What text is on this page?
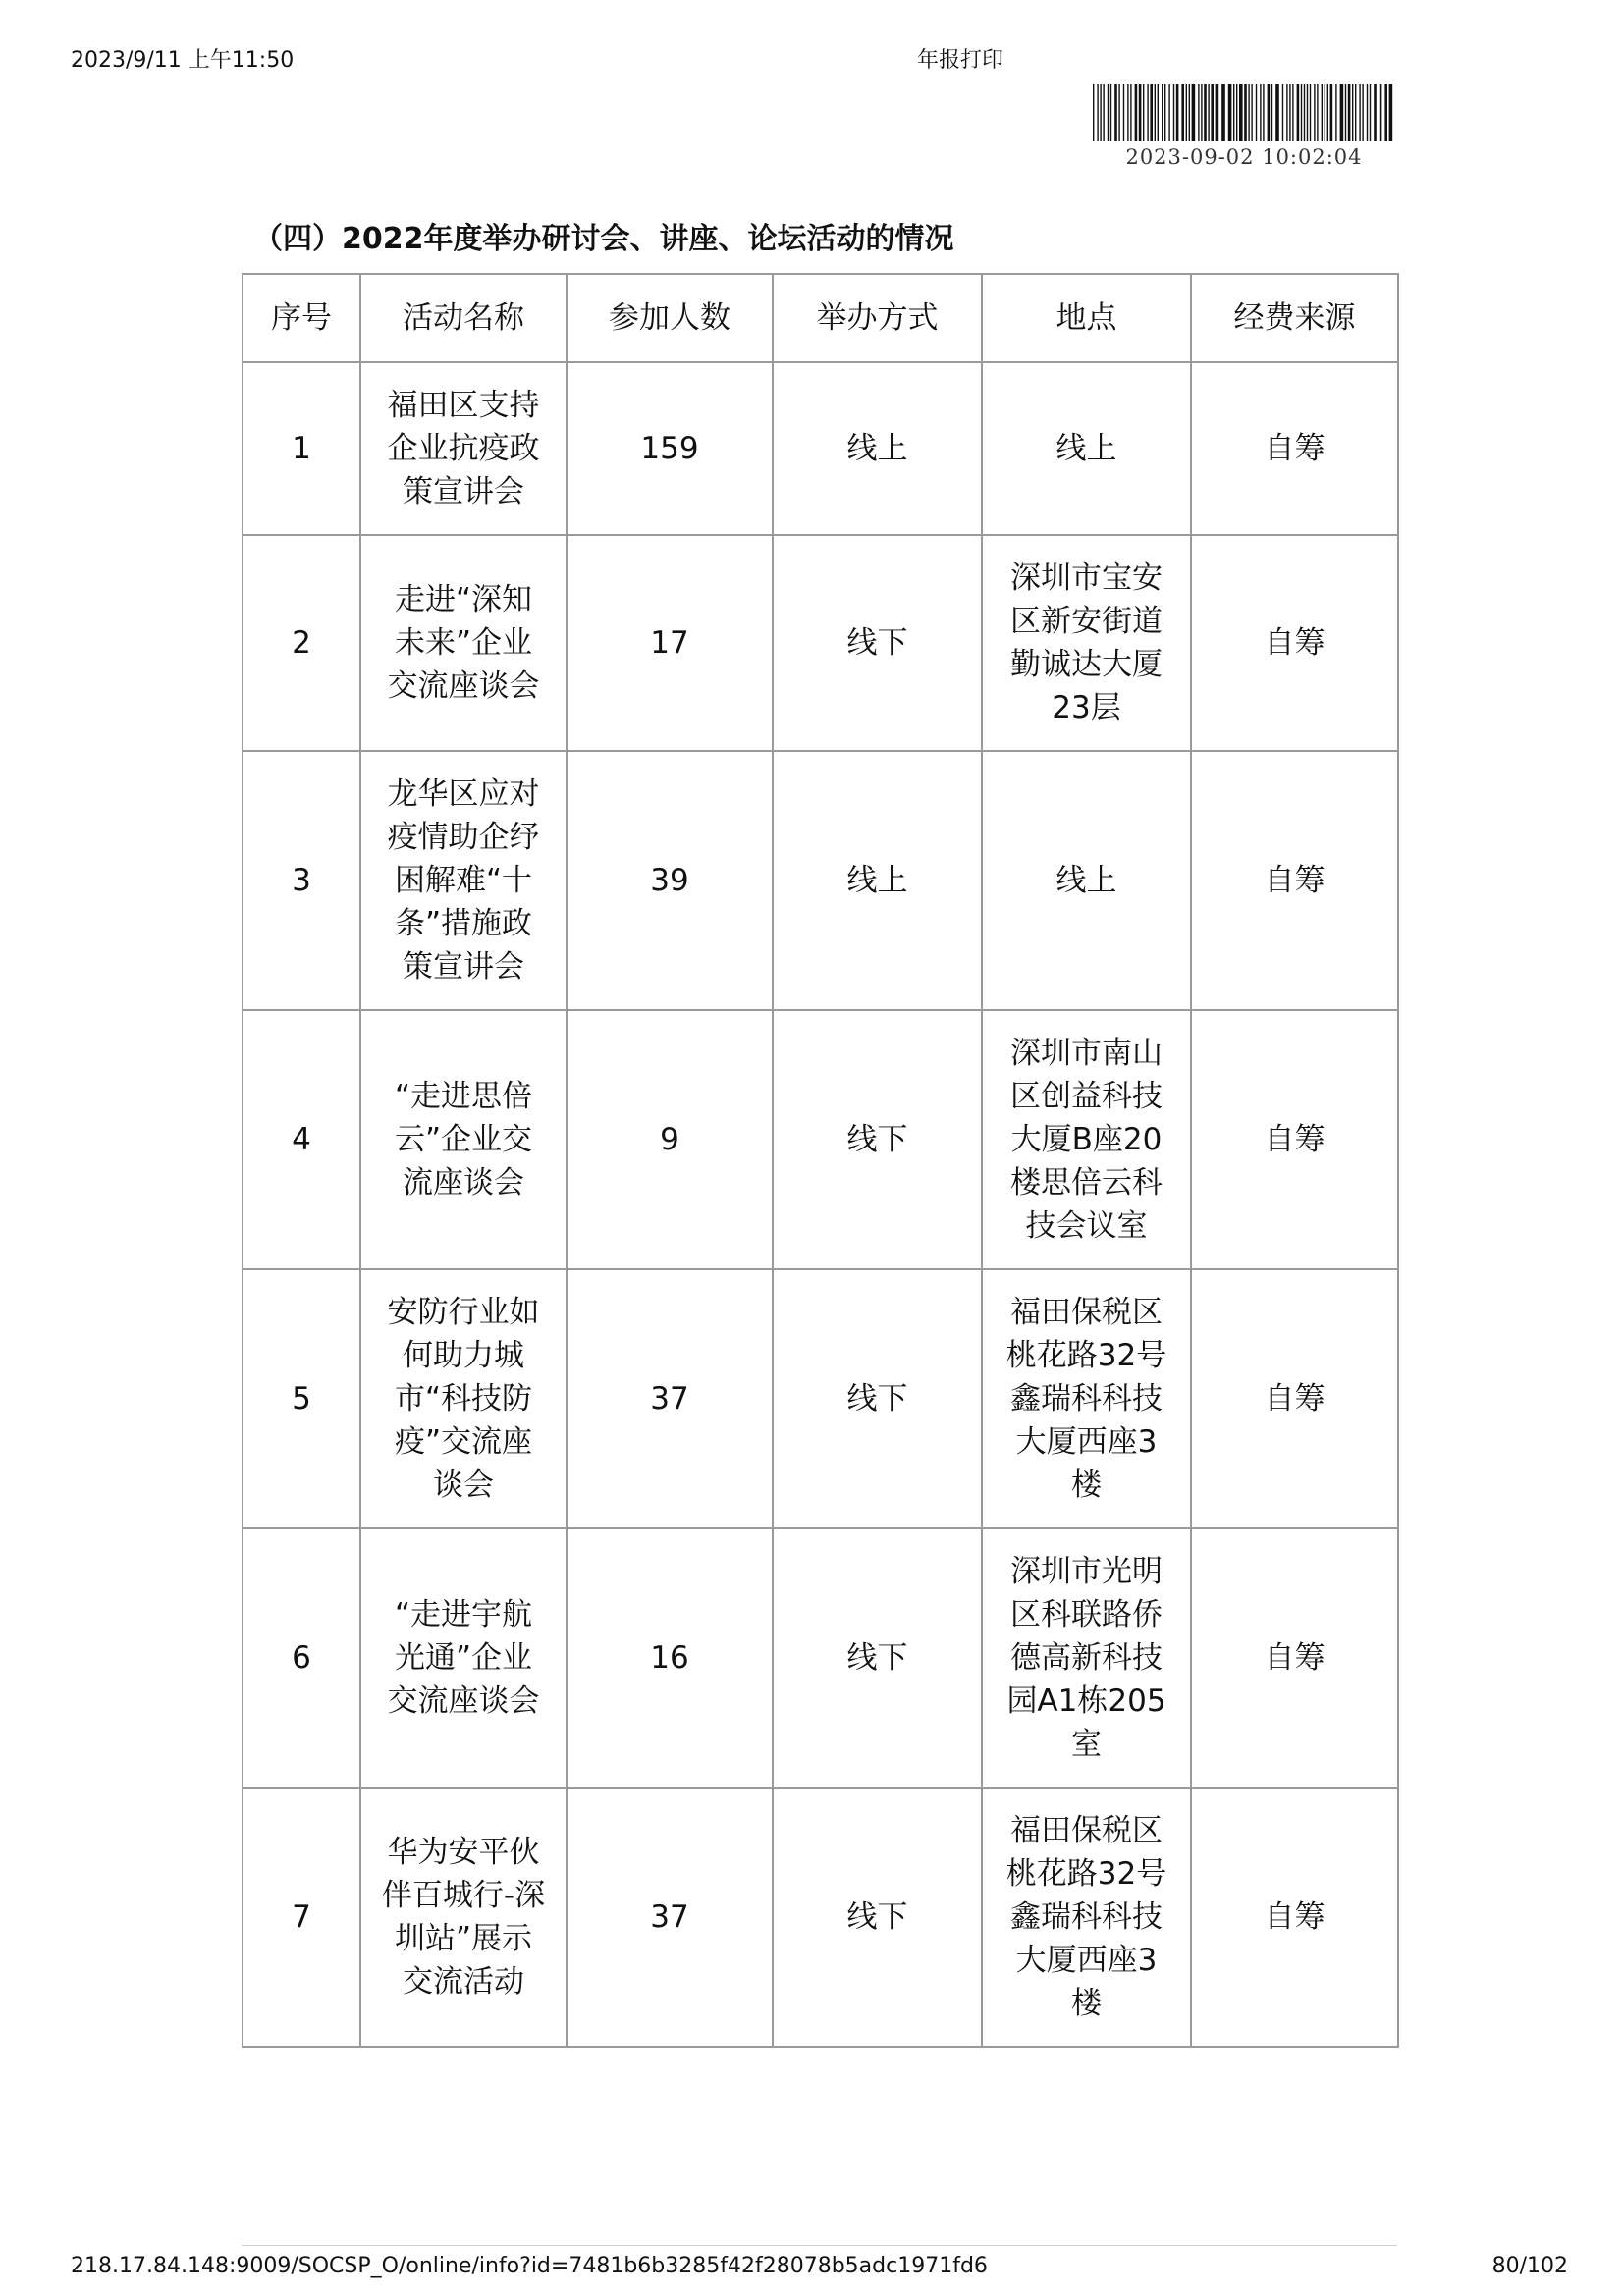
2023/9/11 上午11:50	年报打印
2023-09-02 10:02:04
（四）2022年度举办研讨会、讲座、论坛活动的情况
序号	活动名称	参加人数	举办方式	地点	经费来源
1	福田区支持企业抗疫政策宣讲会	159	线上	线上	自筹
2	走进“深知未来”企业交流座谈会	17	线下	深圳市宝安区新安街道勤诚达大厦23层	自筹
3	龙华区应对疫情助企纾困解难“十条”措施政策宣讲会	39	线上	线上	自筹
4	“走进思倍云”企业交流座谈会	9	线下	深圳市南山区创益科技大厦B座20楼思倍云科技会议室	自筹
5	安防行业如何助力城市“科技防疫”交流座谈会	37	线下	福田保税区桃花路32号鑫瑞科科技大厦西座3楼	自筹
6	“走进宇航光通”企业交流座谈会	16	线下	深圳市光明区科联路侨德高新科技园A1栋205室	自筹
7	华为安平伙伴百城行-深圳站”展示交流活动	37	线下	福田保税区桃花路32号鑫瑞科科技大厦西座3楼	自筹
218.17.84.148:9009/SOCSP_O/online/info?id=7481b6b3285f42f28078b5adc1971fd6	80/102
